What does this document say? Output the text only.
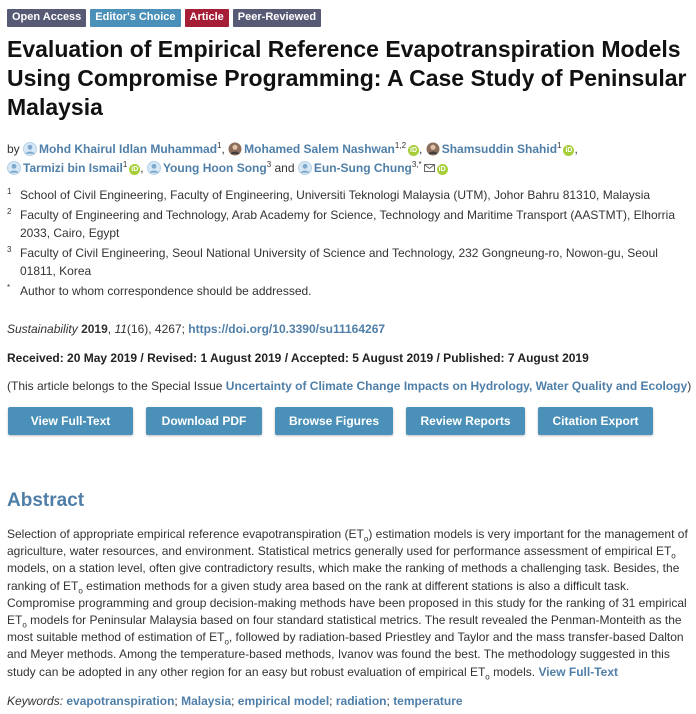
Open Access	Editor's Choice	Article	Peer-Reviewed
Evaluation of Empirical Reference Evapotranspiration Models Using Compromise Programming: A Case Study of Peninsular Malaysia
by Mohd Khairul Idlan Muhammad$^1$, Mohamed Salem Nashwan$^{1,2}$iD , Shamsuddin Shahid$^1$iD , Tarmizi bin Ismail$^1$iD , Young Hoon Song$^3$ and Eun-Sung Chung$^{3,*}$
iD
1 School of Civil Engineering, Faculty of Engineering, Universiti Teknologi Malaysia (UTM), Johor Bahru 81310, Malaysia
2 Faculty of Engineering and Technology, Arab Academy for Science, Technology and Maritime Transport (AASTMT), Elhorria 2033, Cairo, Egypt
3 Faculty of Civil Engineering, Seoul National University of Science and Technology, 232 Gongneung-ro, Nowon-gu, Seoul 01811, Korea
* Author to whom correspondence should be addressed.
Sustainability 2019, 11(16), 4267; https://doi.org/10.3390/su11164267
Received: 20 May 2019 / Revised: 1 August 2019 / Accepted: 5 August 2019 / Published: 7 August 2019
(This article belongs to the Special Issue Uncertainty of Climate Change Impacts on Hydrology, Water Quality and Ecology)
View Full-Text	Download PDF	Browse Figures	Review Reports	Citation Export
Abstract

Selection of appropriate empirical reference evapotranspiration $(ET_o)$ estimation models is very important for the management of agriculture, water resources, and environment. Statistical metrics generally used for performance assessment of empirical $ET_o$ models, on a station level, often give contradictory results, which make the ranking of methods a challenging task. Besides, the ranking of $ET_o$ estimation methods for a given study area based on the rank at different stations is also a difficult task. Compromise programming and group decision-making methods have been proposed in this study for the ranking of 31 empirical $ET_o$ models for Peninsular Malaysia based on four standard statistical metrics. The result revealed the Penman-Monteith as the most suitable method of estimation of $ET_o$, followed by radiation-based Priestley and Taylor and the mass transfer-based Dalton and Meyer methods. Among the temperature-based methods, Ivanov was found the best. The methodology suggested in this study can be adopted in any other region for an easy but robust evaluation of empirical $ET_o$ models. View Full-Text

Keywords: evapotranspiration; Malaysia; empirical model; radiation; temperature
